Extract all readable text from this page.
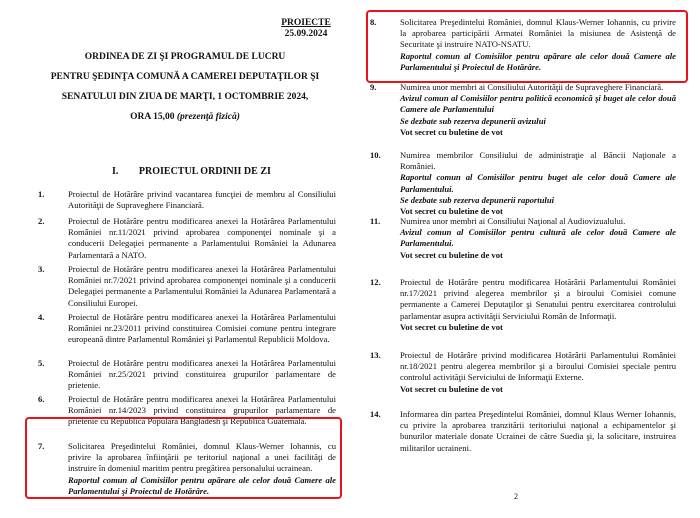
PROIECTE
25.09.2024
ORDINEA DE ZI ŞI PROGRAMUL DE LUCRU
PENTRU ŞEDINŢA COMUNĂ A CAMEREI DEPUTAŢILOR ŞI
SENATULUI DIN ZIUA DE MARŢI, 1 OCTOMBRIE 2024,
ORA 15,00 (prezenţă fizică)
I. PROIECTUL ORDINII DE ZI
1.	Proiectul de Hotărâre privind vacantarea funcţiei de membru al Consiliului Autorităţii de Supraveghere Financiară.
2.	Proiectul de Hotărâre pentru modificarea anexei la Hotărârea Parlamentului României nr.11/2021 privind aprobarea componenţei nominale şi a conducerii Delegaţiei permanente a Parlamentului României la Adunarea Parlamentară a NATO.
3.	Proiectul de Hotărâre pentru modificarea anexei la Hotărârea Parlamentului României nr.7/2021 privind aprobarea componenţei nominale şi a conducerii Delegaţiei permanente a Parlamentului României la Adunarea Parlamentară a Consiliului Europei.
4.	Proiectul de Hotărâre pentru modificarea anexei la Hotărârea Parlamentului României nr.23/2011 privind constituirea Comisiei comune pentru integrare europeană dintre Parlamentul României şi Parlamentul Republicii Moldova.
5.	Proiectul de Hotărâre pentru modificarea anexei la Hotărârea Parlamentului României nr.25/2021 privind constituirea grupurilor parlamentare de prietenie.
6.	Proiectul de Hotărâre pentru modificarea anexei la Hotărârea Parlamentului României nr.14/2023 privind constituirea grupurilor parlamentare de prietenie cu Republica Populară Bangladesh şi Republica Guatemala.
7.	Solicitarea Preşedintelui României, domnul Klaus-Werner Iohannis, cu privire la aprobarea înfiinţării pe teritoriul naţional a unei facilităţi de instruire în domeniul maritim pentru pregătirea personalului ucrainean.
Raportul comun al Comisiilor pentru apărare ale celor două Camere ale Parlamentului şi Proiectul de Hotărâre.
8.	Solicitarea Preşedintelui României, domnul Klaus-Werner Iohannis, cu privire la aprobarea participării Armatei României la misiunea de Asistenţă de Securitate şi instruire NATO-NSATU.
Raportul comun al Comisiilor pentru apărare ale celor două Camere ale Parlamentului şi Proiectul de Hotărâre.
9.	Numirea unor membri ai Consiliului Autorităţii de Supraveghere Financiară.
Avizul comun al Comisiilor pentru politică economică şi buget ale celor două Camere ale Parlamentului
Se dezbate sub rezerva depunerii avizului
Vot secret cu buletine de vot
10. Numirea membrilor Consiliului de administraţie al Băncii Naţionale a României.
Raportul comun al Comisiilor pentru buget ale celor două Camere ale Parlamentului.
Se dezbate sub rezerva depunerii raportului
Vot secret cu buletine de vot
11. Numirea unor membri ai Consiliului Naţional al Audiovizualului.
Avizul comun al Comisiilor pentru cultură ale celor două Camere ale Parlamentului.
Vot secret cu buletine de vot
12. Proiectul de Hotărâre pentru modificarea Hotărârii Parlamentului României nr.17/2021 privind alegerea membrilor şi a biroului Comisiei comune permanente a Camerei Deputaţilor şi Senatului pentru exercitarea controlului parlamentar asupra activităţii Serviciului Român de Informaţii.
Vot secret cu buletine de vot
13. Proiectul de Hotărâre privind modificarea Hotărârii Parlamentului României nr.18/2021 pentru alegerea membrilor şi a biroului Comisiei speciale pentru controlul activităţii Serviciului de Informaţii Externe.
Vot secret cu buletine de vot
14. Informarea din partea Preşedintelui României, domnul Klaus Werner Iohannis, cu privire la aprobarea tranzitării teritoriului naţional a echipamentelor şi bunurilor materiale donate Ucrainei de către Suedia şi, la solicitare, instruirea militarilor ucraineni.
2
